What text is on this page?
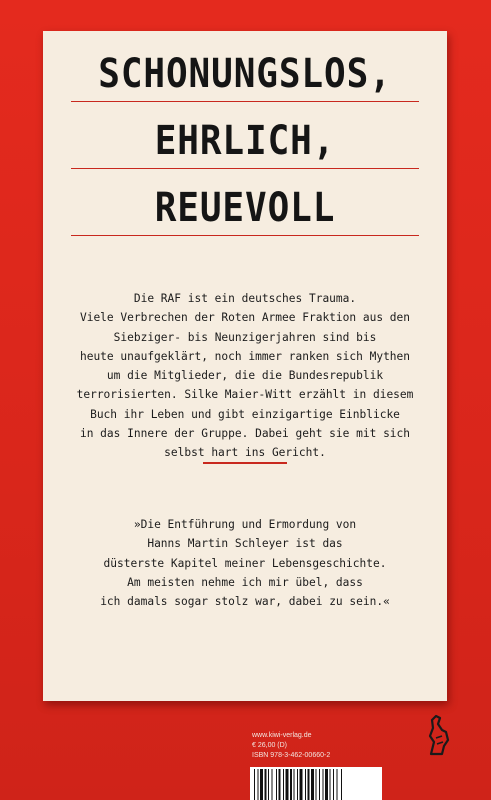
SCHONUNGSLOS,
EHRLICH,
REUEVOLL
Die RAF ist ein deutsches Trauma.
Viele Verbrechen der Roten Armee Fraktion aus den
Siebziger- bis Neunzigerjahren sind bis
heute unaufgeklärt, noch immer ranken sich Mythen
um die Mitglieder, die die Bundesrepublik
terrorisierten. Silke Maier-Witt erzählt in diesem
Buch ihr Leben und gibt einzigartige Einblicke
in das Innere der Gruppe. Dabei geht sie mit sich
selbst hart ins Gericht.
»Die Entführung und Ermordung von
Hanns Martin Schleyer ist das
düsterste Kapitel meiner Lebensgeschichte.
Am meisten nehme ich mir übel, dass
ich damals sogar stolz war, dabei zu sein.«
www.kiwi-verlag.de
€ 26,00 (D)
ISBN 978-3-462-00660-2
